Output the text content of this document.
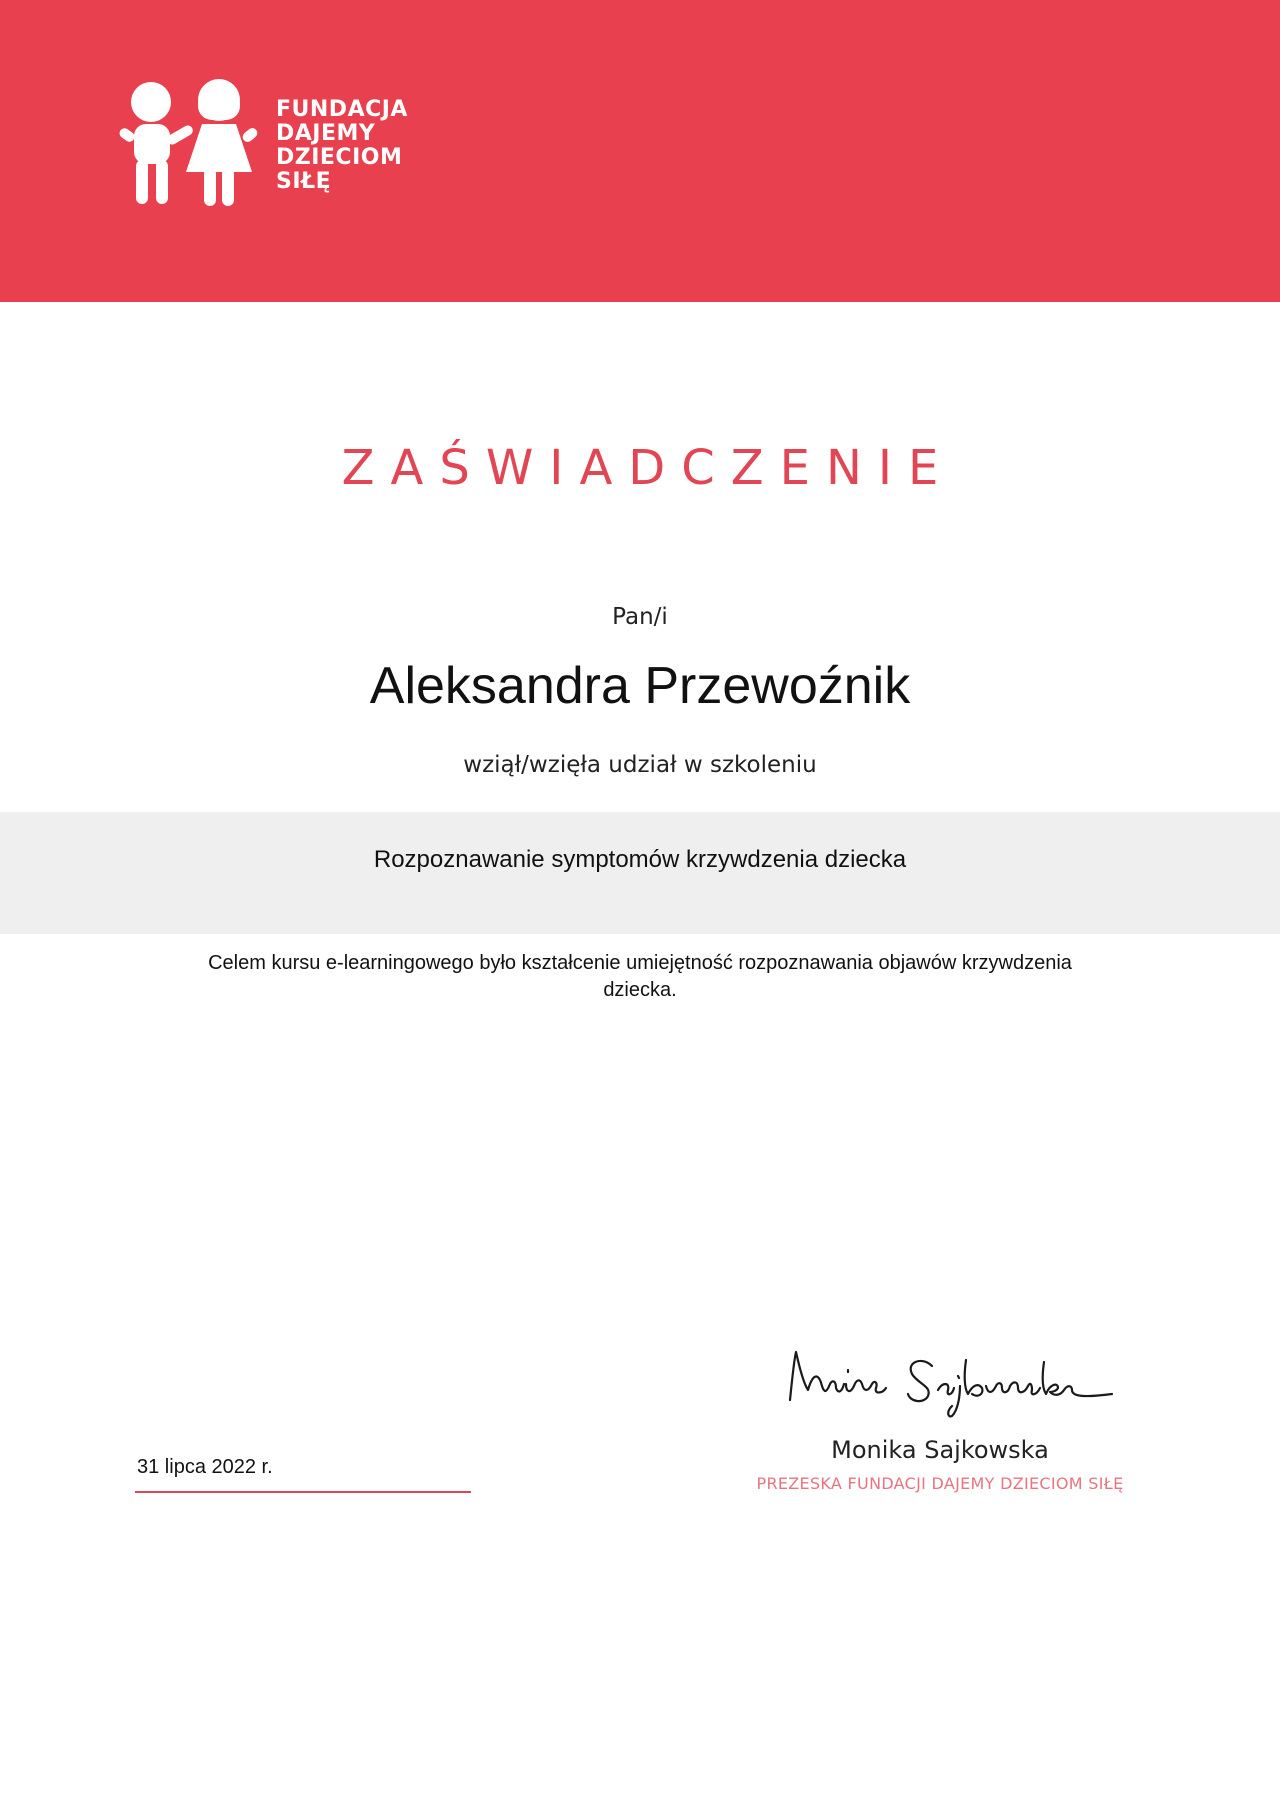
FUNDACJA
DAJEMY
DZIECIOM
SIŁĘ
ZAŚWIADCZENIE
Pan/i
Aleksandra Przewoźnik
wziął/wzięła udział w szkoleniu
Rozpoznawanie symptomów krzywdzenia dziecka
Celem kursu e-learningowego było kształcenie umiejętność rozpoznawania objawów krzywdzenia dziecka.
Monika Sajkowska
PREZESKA FUNDACJI DAJEMY DZIECIOM SIŁĘ
31 lipca 2022 r.
